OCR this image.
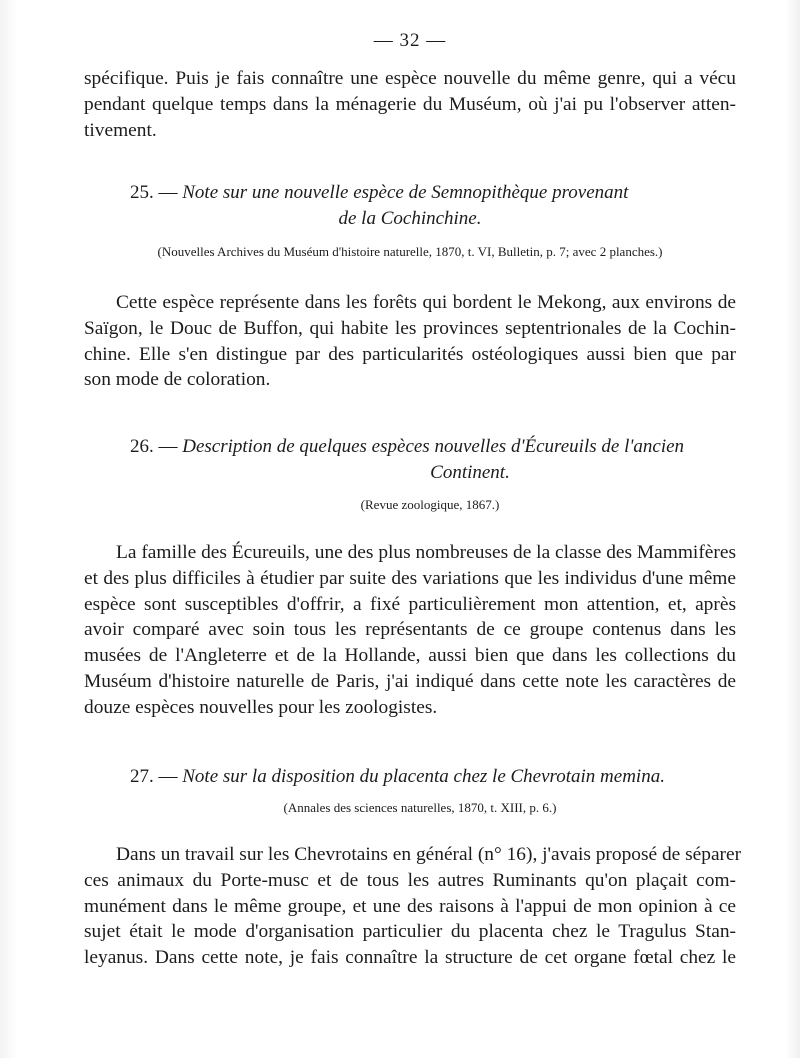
— 32 —
spécifique. Puis je fais connaître une espèce nouvelle du même genre, qui a vécu
pendant quelque temps dans la ménagerie du Muséum, où j'ai pu l'observer atten-
tivement.
25. — Note sur une nouvelle espèce de Semnopithèque provenant
de la Cochinchine.
(Nouvelles Archives du Muséum d'histoire naturelle, 1870, t. VI, Bulletin, p. 7; avec 2 planches.)
Cette espèce représente dans les forêts qui bordent le Mekong, aux environs de
Saïgon, le Douc de Buffon, qui habite les provinces septentrionales de la Cochin-
chine. Elle s'en distingue par des particularités ostéologiques aussi bien que par
son mode de coloration.
26. — Description de quelques espèces nouvelles d'Écureuils de l'ancien
Continent.
(Revue zoologique, 1867.)
La famille des Écureuils, une des plus nombreuses de la classe des Mammifères
et des plus difficiles à étudier par suite des variations que les individus d'une même
espèce sont susceptibles d'offrir, a fixé particulièrement mon attention, et, après
avoir comparé avec soin tous les représentants de ce groupe contenus dans les
musées de l'Angleterre et de la Hollande, aussi bien que dans les collections du
Muséum d'histoire naturelle de Paris, j'ai indiqué dans cette note les caractères de
douze espèces nouvelles pour les zoologistes.
27. — Note sur la disposition du placenta chez le Chevrotain memina.
(Annales des sciences naturelles, 1870, t. XIII, p. 6.)
Dans un travail sur les Chevrotains en général (n° 16), j'avais proposé de séparer
ces animaux du Porte-musc et de tous les autres Ruminants qu'on plaçait com-
munément dans le même groupe, et une des raisons à l'appui de mon opinion à ce
sujet était le mode d'organisation particulier du placenta chez le Tragulus Stan-
leyanus. Dans cette note, je fais connaître la structure de cet organe fœtal chez le
